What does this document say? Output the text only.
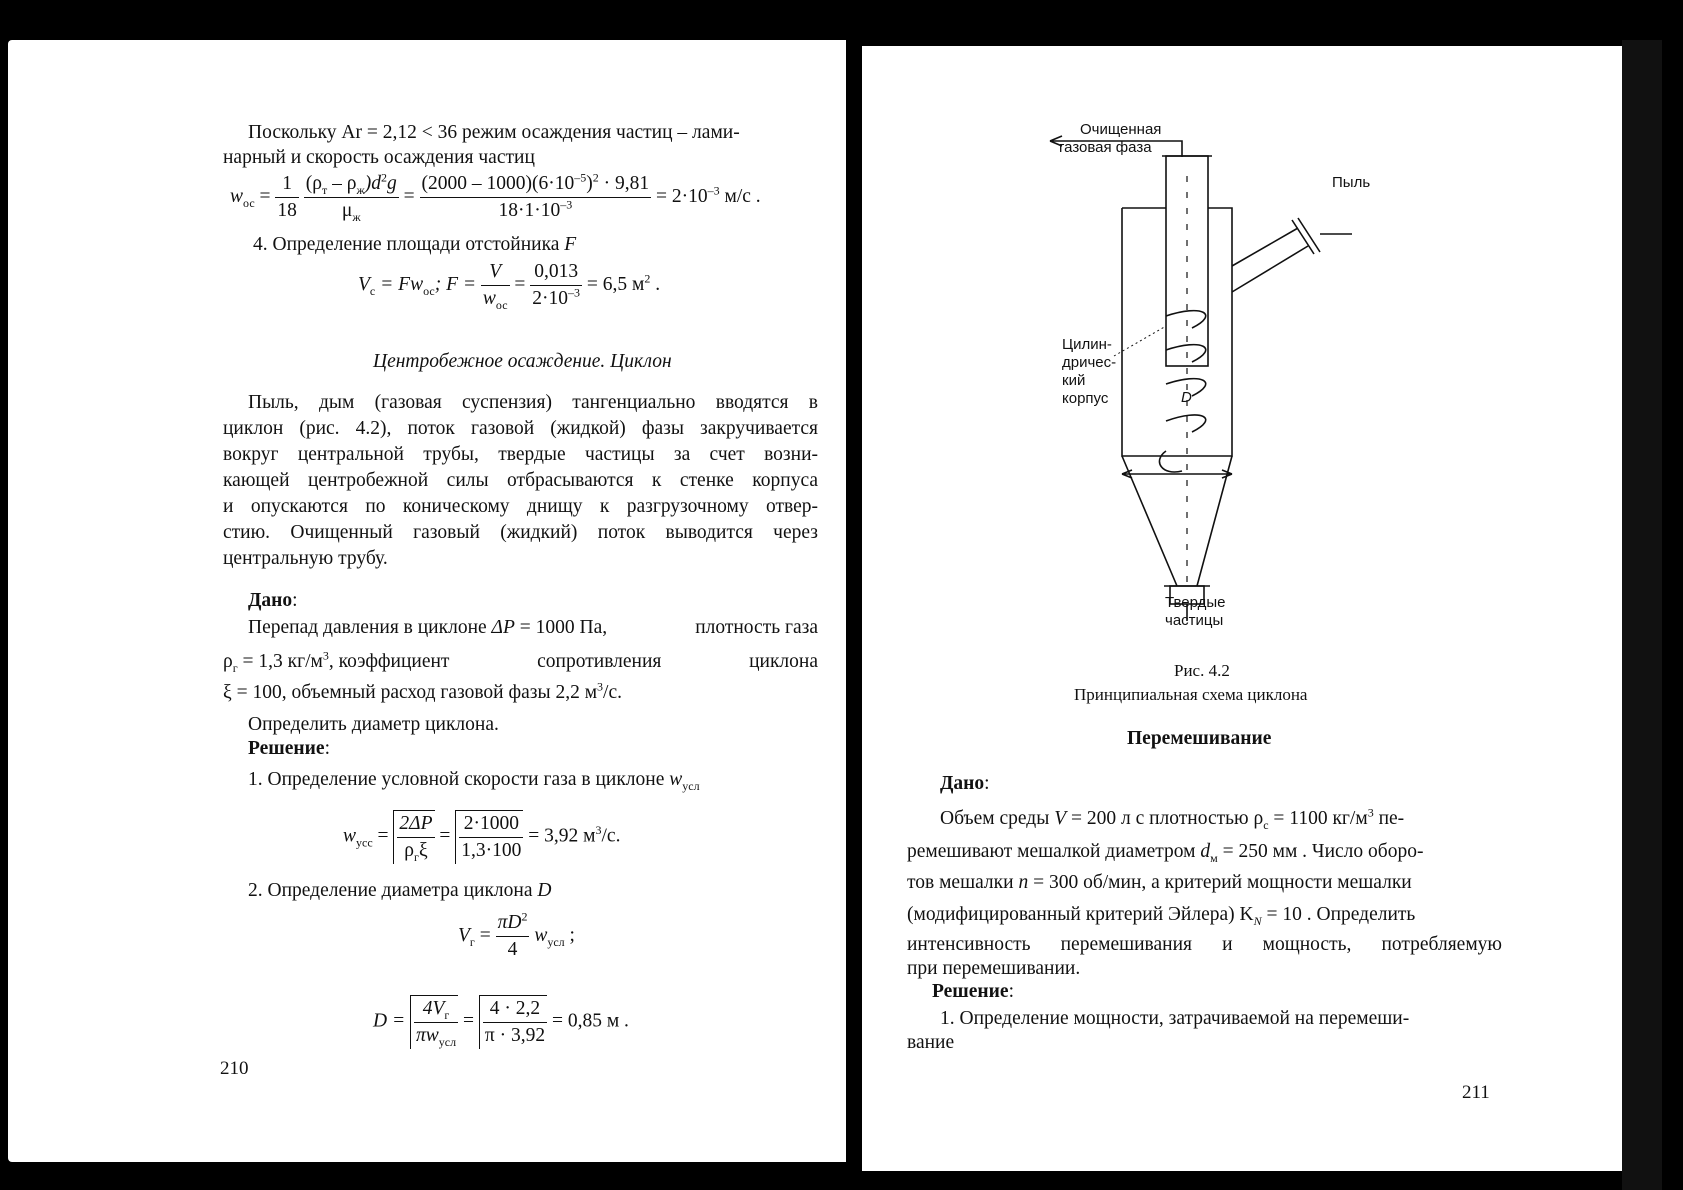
Поскольку Ar = 2,12 < 36 режим осаждения частиц – лами-
нарный и скорость осаждения частиц
$w_{ос} = \frac{1}{18}$
$\frac{(\rho_т - \rho_ж)d^2g}{\mu_ж} = \frac{(2000 - 1000)(6\cdot 10^{-5})^2 \cdot 9,81}{18\cdot 1\cdot 10^{-3}} = 2\cdot 10^{-3}$ м/с .
4. Определение площади отстойника F
$V_с = Fw_{ос}$; $F = \frac{V}{w_{ос}} = \frac{0,013}{2\cdot 10^{-3}} = 6,5$ $м^2$ .
Центробежное осаждение. Циклон
Пыль, дым (газовая суспензия) тангенциально вводятся в
циклон (рис. 4.2), поток газовой (жидкой) фазы закручивается
вокруг центральной трубы, твердые частицы за счет возни-
кающей центробежной силы отбрасываются к стенке корпуса
и опускаются по коническому днищу к разгрузочному отвер-
стию. Очищенный газовый (жидкий) поток выводится через
центральную трубу.
Дано:
Перепад давления в циклоне ΔP = 1000 Па,	плотность газа
$\rho_г = 1,3$ $кг/м^3$, коэффициент	сопротивления	циклона
ξ = 100, объемный расход газовой фазы 2,2 $м^3/с$.
Определить диаметр циклона.
Решение:
1. Определение условной скорости газа в циклоне $w_{усл}$
$w_{усс} = \frac{2\Delta P}{\rho_г\xi} = \frac{2\cdot 1000}{1,3\cdot 100} = 3,92$ $м^3/с$.
2. Определение диаметра циклона D
$V_г = \frac{\pi D^2}{4} w_{усл}$ ;
$D = \frac{4V_г}{\pi w_{усл}} = \frac{4 \cdot 2,2}{\pi \cdot 3,92} = 0,85$ м .
210
Очищенная
газовая фаза
Пыль
Цилин-
дричес-
кий
корпус	D
Твердые
частицы
Рис. 4.2
Принципиальная схема циклона
Перемешивание
Дано:
Объем среды V = 200 л с плотностью $\rho_с = 1100$ $кг/м^3$ пе-
ремешивают мешалкой диаметром $d_м = 250$ мм . Число оборо-
тов мешалки n = 300 об/мин, а критерий мощности мешалки
(модифицированный критерий Эйлера) $K_N = 10$ . Определить
интенсивность перемешивания и мощность, потребляемую
при перемешивании.
Решение:
1. Определение мощности, затрачиваемой на перемеши-
вание
211
